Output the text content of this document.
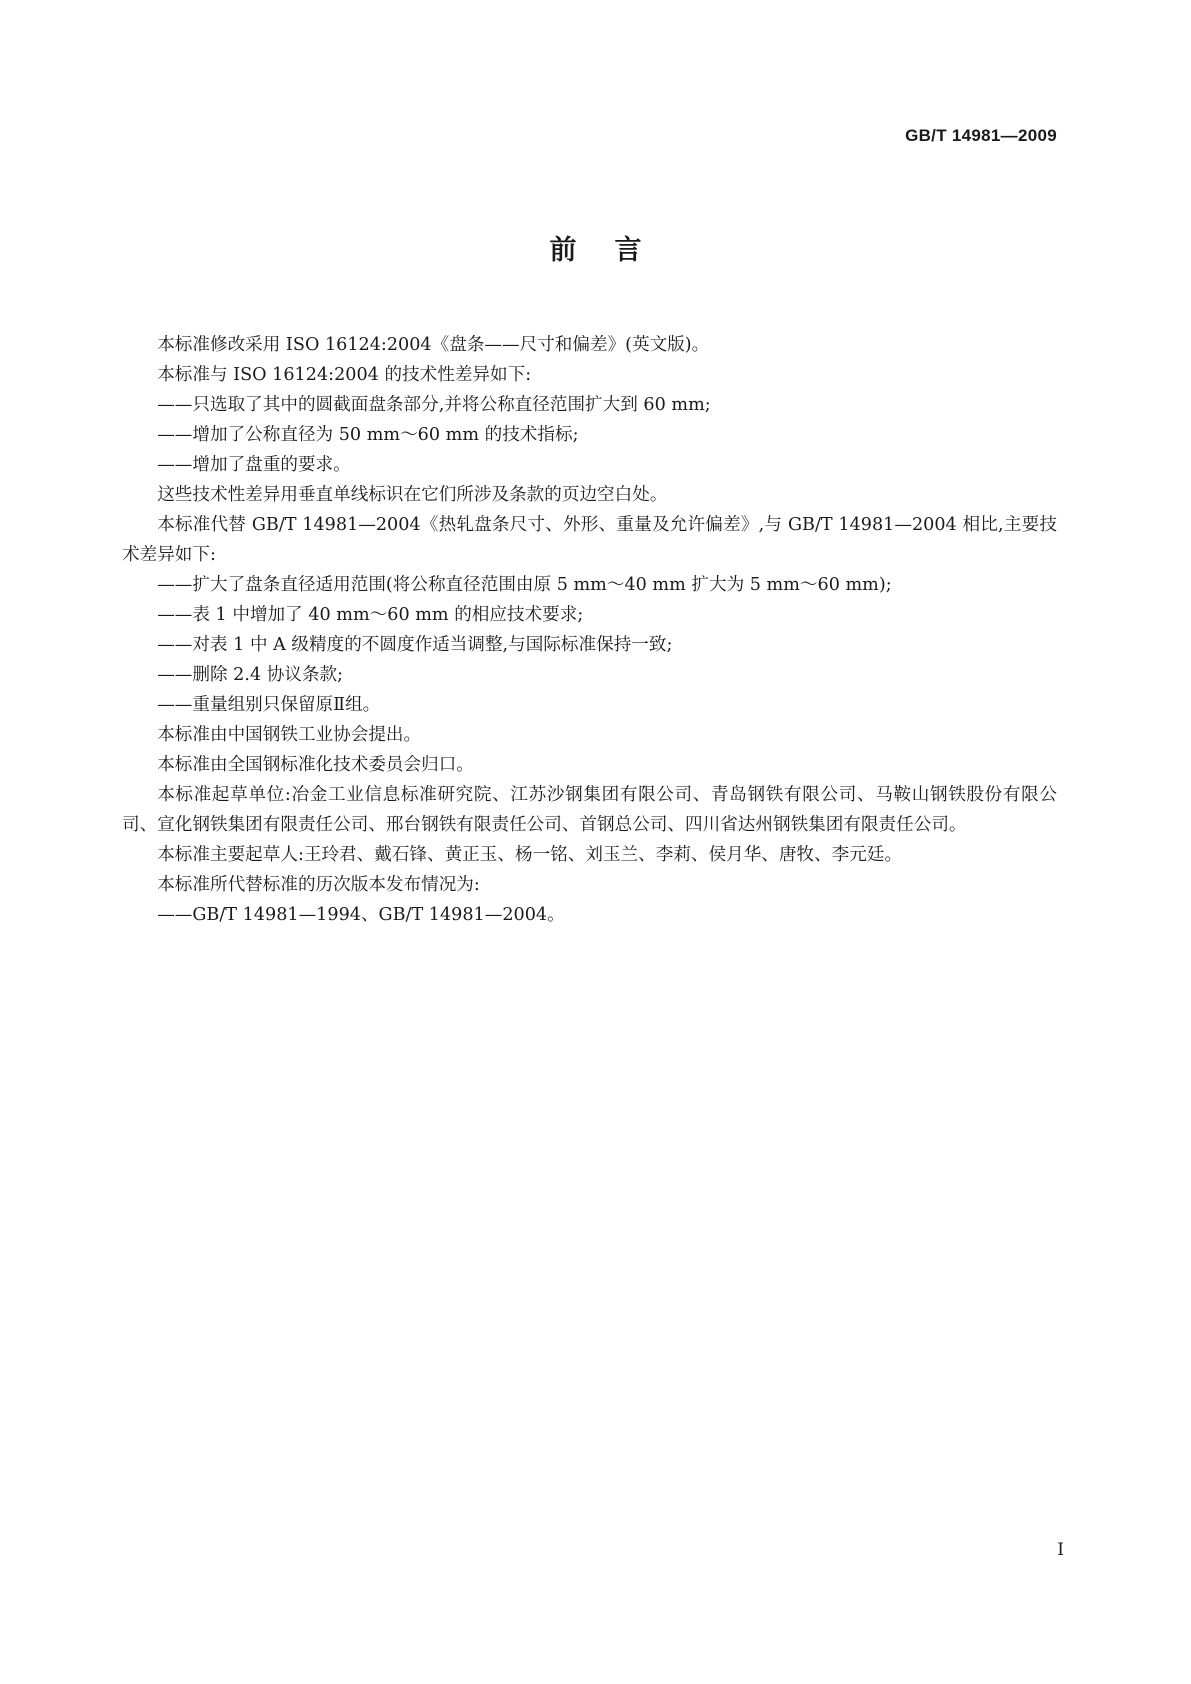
GB/T 14981—2009
前言

本标准修改采用 ISO 16124:2004《盘条——尺寸和偏差》(英文版)。

本标准与 ISO 16124:2004 的技术性差异如下:

——只选取了其中的圆截面盘条部分,并将公称直径范围扩大到 60 mm;

——增加了公称直径为 50 mm～60 mm 的技术指标;

——增加了盘重的要求。

这些技术性差异用垂直单线标识在它们所涉及条款的页边空白处。

本标准代替 GB/T 14981—2004《热轧盘条尺寸、外形、重量及允许偏差》,与 GB/T 14981—2004 相比,主要技术差异如下:

——扩大了盘条直径适用范围(将公称直径范围由原 5 mm～40 mm 扩大为 5 mm～60 mm);

——表 1 中增加了 40 mm～60 mm 的相应技术要求;

——对表 1 中 A 级精度的不圆度作适当调整,与国际标准保持一致;

——删除 2.4 协议条款;

——重量组别只保留原Ⅱ组。

本标准由中国钢铁工业协会提出。

本标准由全国钢标准化技术委员会归口。

本标准起草单位:冶金工业信息标准研究院、江苏沙钢集团有限公司、青岛钢铁有限公司、马鞍山钢铁股份有限公司、宣化钢铁集团有限责任公司、邢台钢铁有限责任公司、首钢总公司、四川省达州钢铁集团有限责任公司。

本标准主要起草人:王玲君、戴石锋、黄正玉、杨一铭、刘玉兰、李莉、侯月华、唐牧、李元廷。

本标准所代替标准的历次版本发布情况为:

——GB/T 14981—1994、GB/T 14981—2004。

I
